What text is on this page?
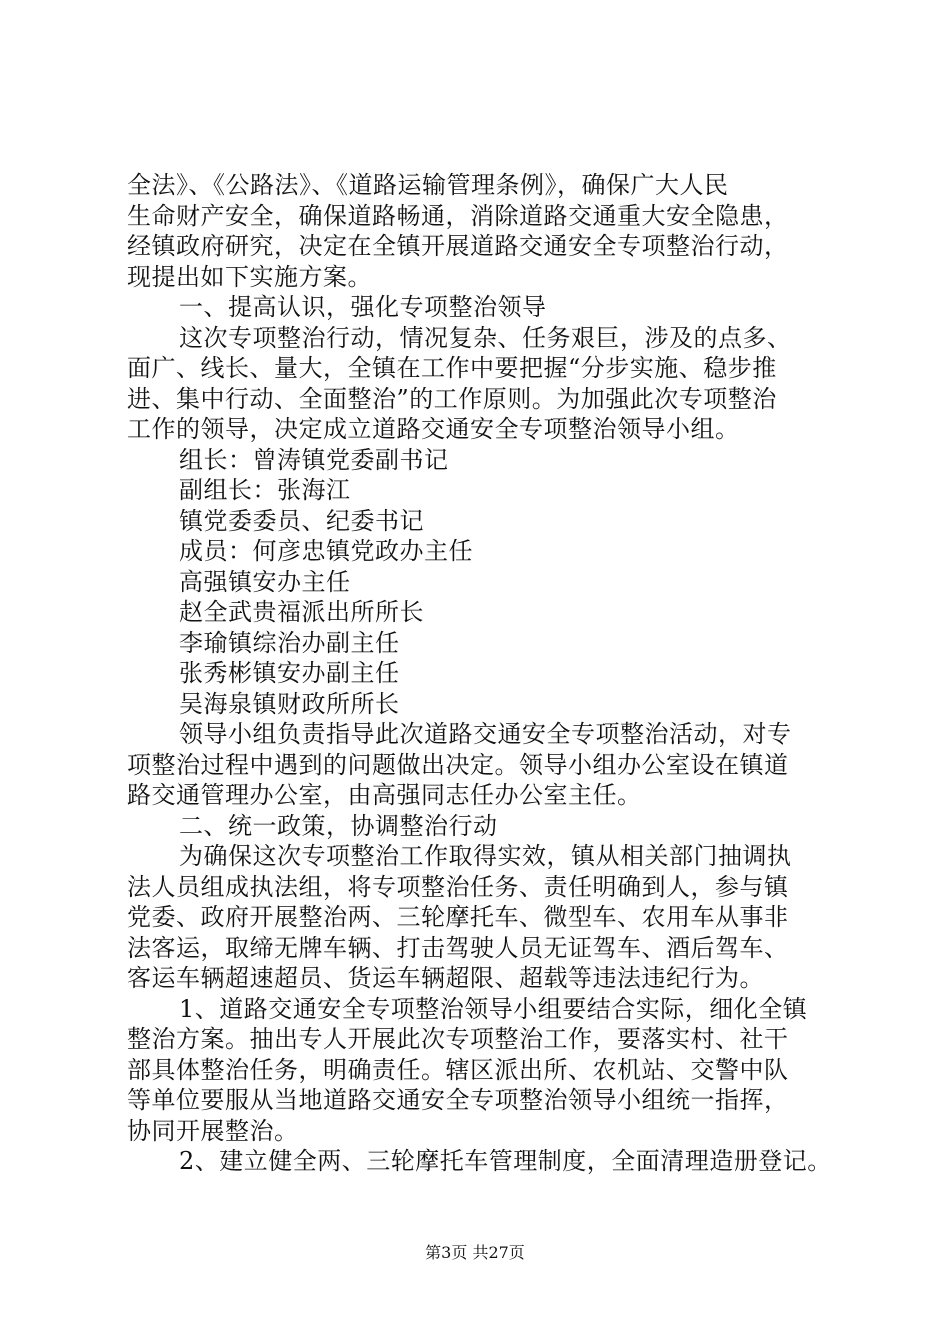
全法》、《公路法》、《道路运输管理条例》，确保广大人民

生命财产安全，确保道路畅通，消除道路交通重大安全隐患，

经镇政府研究，决定在全镇开展道路交通安全专项整治行动，

现提出如下实施方案。

一、提高认识，强化专项整治领导

这次专项整治行动，情况复杂、任务艰巨，涉及的点多、

面广、线长、量大，全镇在工作中要把握“分步实施、稳步推

进、集中行动、全面整治”的工作原则。为加强此次专项整治

工作的领导，决定成立道路交通安全专项整治领导小组。

组长：曾涛镇党委副书记

副组长：张海江

镇党委委员、纪委书记

成员：何彦忠镇党政办主任

高强镇安办主任

赵全武贵福派出所所长

李瑜镇综治办副主任

张秀彬镇安办副主任

吴海泉镇财政所所长

领导小组负责指导此次道路交通安全专项整治活动，对专

项整治过程中遇到的问题做出决定。领导小组办公室设在镇道

路交通管理办公室，由高强同志任办公室主任。

二、统一政策，协调整治行动

为确保这次专项整治工作取得实效，镇从相关部门抽调执

法人员组成执法组，将专项整治任务、责任明确到人，参与镇

党委、政府开展整治两、三轮摩托车、微型车、农用车从事非

法客运，取缔无牌车辆、打击驾驶人员无证驾车、酒后驾车、

客运车辆超速超员、货运车辆超限、超载等违法违纪行为。

1、道路交通安全专项整治领导小组要结合实际，细化全镇

整治方案。抽出专人开展此次专项整治工作，要落实村、社干

部具体整治任务，明确责任。辖区派出所、农机站、交警中队

等单位要服从当地道路交通安全专项整治领导小组统一指挥，

协同开展整治。

2、建立健全两、三轮摩托车管理制度，全面清理造册登记。

第3页 共27页
